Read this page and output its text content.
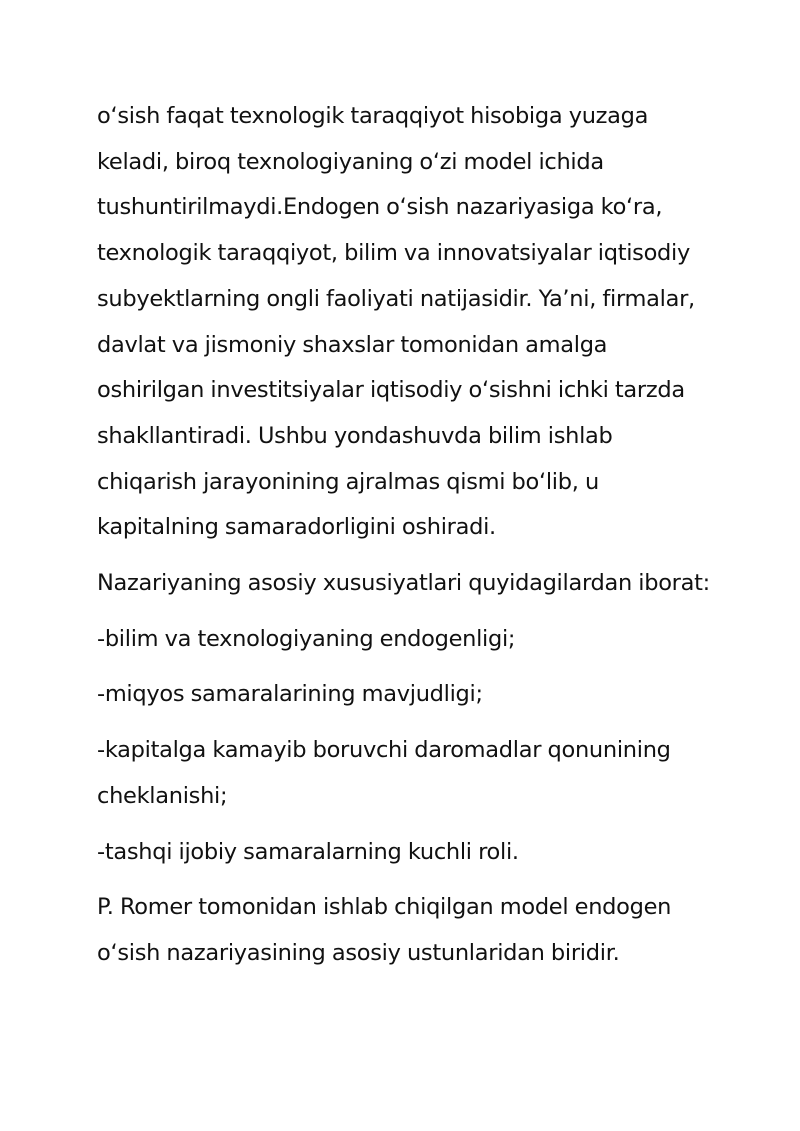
o‘sish faqat texnologik taraqqiyot hisobiga yuzaga keladi, biroq texnologiyaning o‘zi model ichida tushuntirilmaydi.Endogen o‘sish nazariyasiga ko‘ra, texnologik taraqqiyot, bilim va innovatsiyalar iqtisodiy subyektlarning ongli faoliyati natijasidir. Ya’ni, firmalar, davlat va jismoniy shaxslar tomonidan amalga oshirilgan investitsiyalar iqtisodiy o‘sishni ichki tarzda shakllantiradi. Ushbu yondashuvda bilim ishlab chiqarish jarayonining ajralmas qismi bo‘lib, u kapitalning samaradorligini oshiradi.

Nazariyaning asosiy xususiyatlari quyidagilardan iborat:

-bilim va texnologiyaning endogenligi;

-miqyos samaralarining mavjudligi;

-kapitalga kamayib boruvchi daromadlar qonunining cheklanishi;

-tashqi ijobiy samaralarning kuchli roli.

P. Romer tomonidan ishlab chiqilgan model endogen o‘sish nazariyasining asosiy ustunlaridan biridir.
